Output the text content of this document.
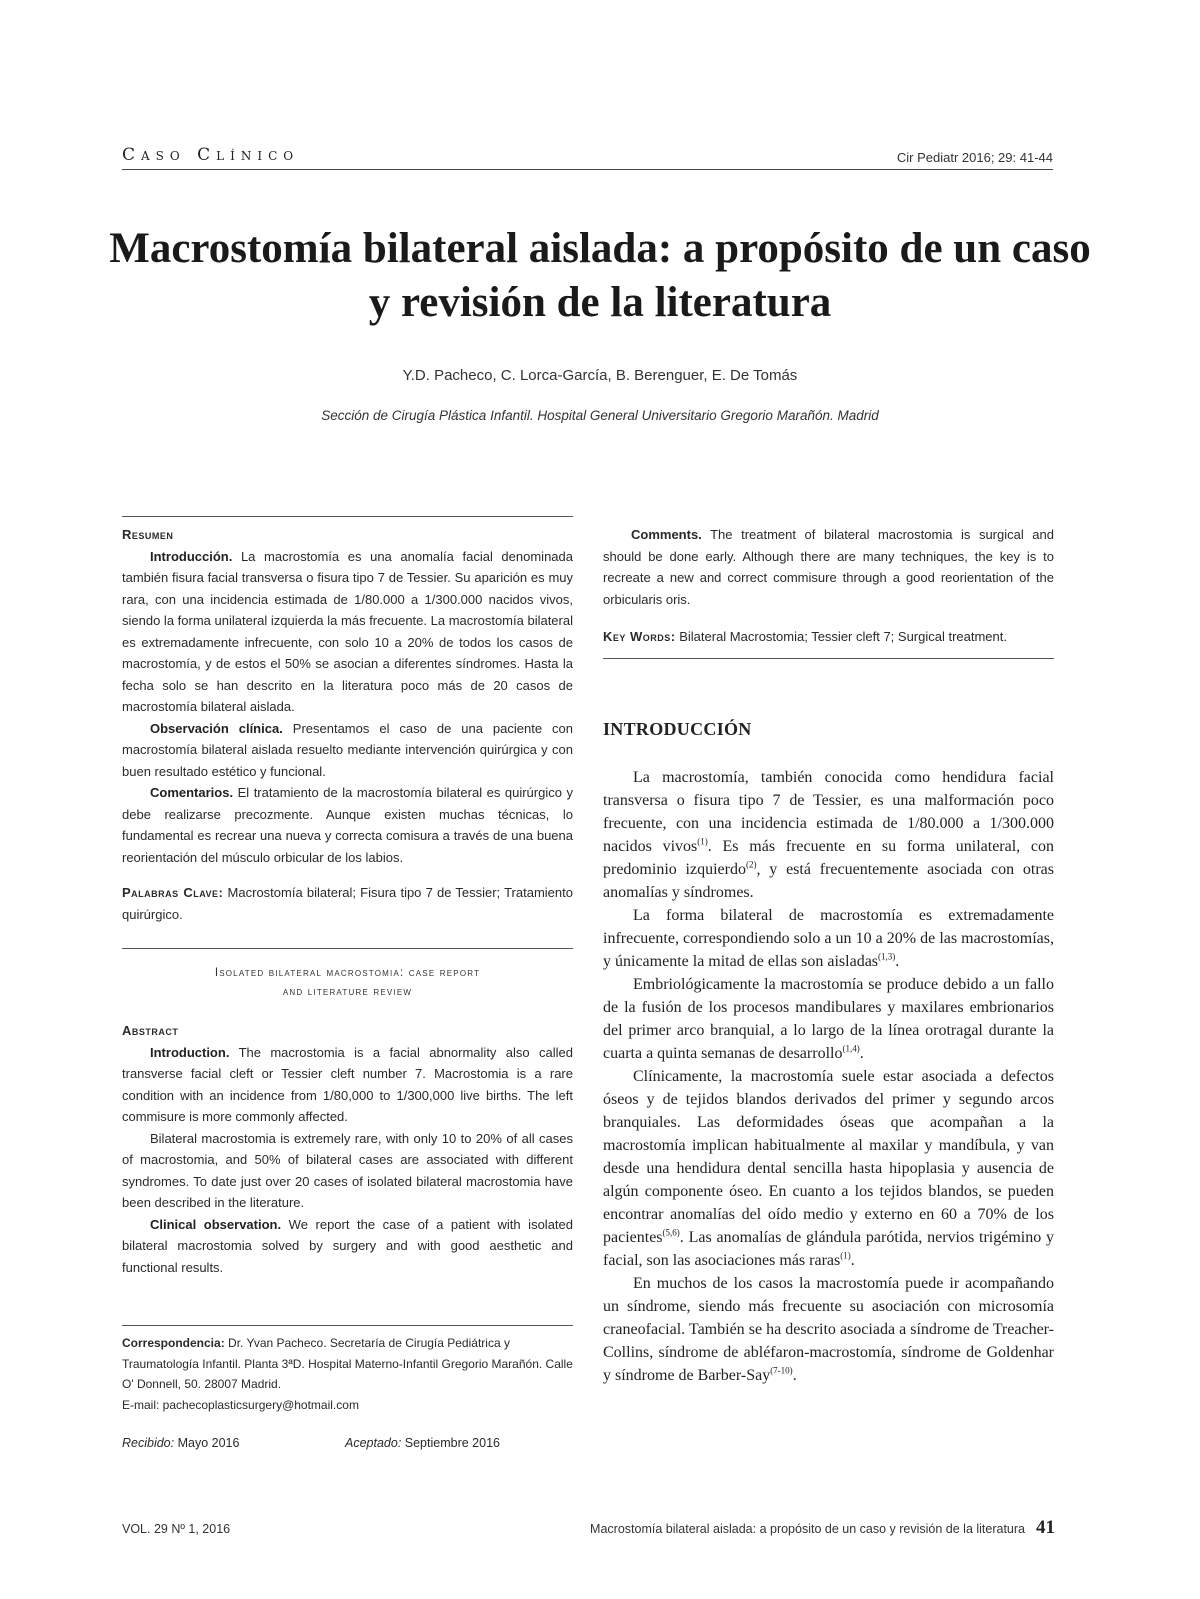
Caso Clínico	Cir Pediatr 2016; 29: 41-44
Macrostomía bilateral aislada: a propósito de un caso
y revisión de la literatura
Y.D. Pacheco, C. Lorca-García, B. Berenguer, E. De Tomás
Sección de Cirugía Plástica Infantil. Hospital General Universitario Gregorio Marañón. Madrid
Resumen

Introducción. La macrostomía es una anomalía facial denominada también fisura facial transversa o fisura tipo 7 de Tessier. Su aparición es muy rara, con una incidencia estimada de 1/80.000 a 1/300.000 nacidos vivos, siendo la forma unilateral izquierda la más frecuente. La macrostomía bilateral es extremadamente infrecuente, con solo 10 a 20% de todos los casos de macrostomía, y de estos el 50% se asocian a diferentes síndromes. Hasta la fecha solo se han descrito en la literatura poco más de 20 casos de macrostomía bilateral aislada.

Observación clínica. Presentamos el caso de una paciente con macrostomía bilateral aislada resuelto mediante intervención quirúrgica y con buen resultado estético y funcional.

Comentarios. El tratamiento de la macrostomía bilateral es quirúrgico y debe realizarse precozmente. Aunque existen muchas técnicas, lo fundamental es recrear una nueva y correcta comisura a través de una buena reorientación del músculo orbicular de los labios.

Palabras Clave: Macrostomía bilateral; Fisura tipo 7 de Tessier; Tratamiento quirúrgico.

Isolated bilateral macrostomia: case report
and literature review
Abstract

Introduction. The macrostomia is a facial abnormality also called transverse facial cleft or Tessier cleft number 7. Macrostomia is a rare condition with an incidence from 1/80,000 to 1/300,000 live births. The left commisure is more commonly affected.

Bilateral macrostomia is extremely rare, with only 10 to 20% of all cases of macrostomia, and 50% of bilateral cases are associated with different syndromes. To date just over 20 cases of isolated bilateral macrostomia have been described in the literature.

Clinical observation. We report the case of a patient with isolated bilateral macrostomia solved by surgery and with good aesthetic and functional results.

Correspondencia: Dr. Yvan Pacheco. Secretaría de Cirugía Pediátrica y Traumatología Infantil. Planta 3ªD. Hospital Materno-Infantil Gregorio Marañón. Calle O' Donnell, 50. 28007 Madrid.
E-mail: pachecoplasticsurgery@hotmail.com
Recibido: Mayo 2016	Aceptado: Septiembre 2016

Comments. The treatment of bilateral macrostomia is surgical and should be done early. Although there are many techniques, the key is to recreate a new and correct commisure through a good reorientation of the orbicularis oris.

Key Words: Bilateral Macrostomia; Tessier cleft 7; Surgical treatment.

INTRODUCCIÓN

La macrostomía, también conocida como hendidura facial transversa o fisura tipo 7 de Tessier, es una malformación poco frecuente, con una incidencia estimada de 1/80.000 a 1/300.000 nacidos vivos$^{(1)}$. Es más frecuente en su forma unilateral, con predominio izquierdo$^{(2)}$, y está frecuentemente asociada con otras anomalías y síndromes.

La forma bilateral de macrostomía es extremadamente infrecuente, correspondiendo solo a un 10 a 20% de las macrostomías, y únicamente la mitad de ellas son aisladas$^{(1,3)}$.

Embriológicamente la macrostomía se produce debido a un fallo de la fusión de los procesos mandibulares y maxilares embrionarios del primer arco branquial, a lo largo de la línea orotragal durante la cuarta a quinta semanas de desarrollo$^{(1,4)}$.

Clínicamente, la macrostomía suele estar asociada a defectos óseos y de tejidos blandos derivados del primer y segundo arcos branquiales. Las deformidades óseas que acompañan a la macrostomía implican habitualmente al maxilar y mandíbula, y van desde una hendidura dental sencilla hasta hipoplasia y ausencia de algún componente óseo. En cuanto a los tejidos blandos, se pueden encontrar anomalías del oído medio y externo en 60 a 70% de los pacientes$^{(5,6)}$. Las anomalías de glándula parótida, nervios trigémino y facial, son las asociaciones más raras$^{(1)}$.

En muchos de los casos la macrostomía puede ir acompañando un síndrome, siendo más frecuente su asociación con microsomía craneofacial. También se ha descrito asociada a síndrome de Treacher-Collins, síndrome de abléfaron-macrostomía, síndrome de Goldenhar y síndrome de Barber-Say$^{(7-10)}$.

VOL. 29 Nº 1, 2016	Macrostomía bilateral aislada: a propósito de un caso y revisión de la literatura 41
